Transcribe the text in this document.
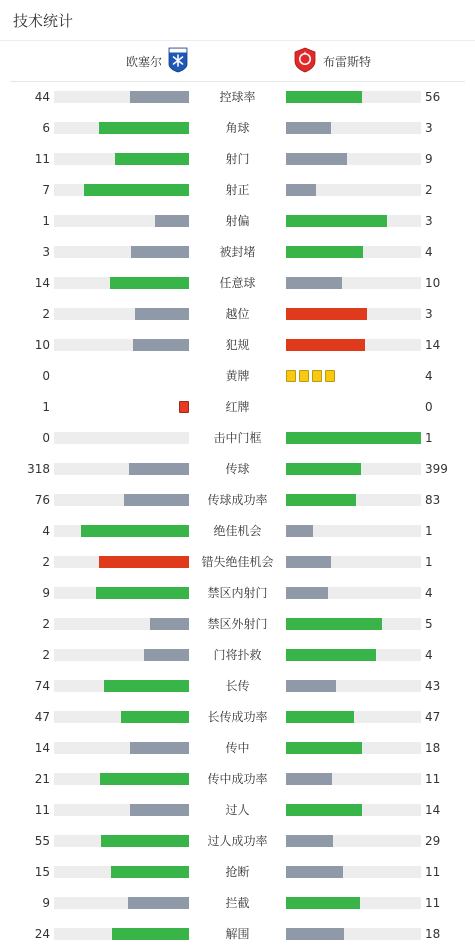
技术统计
欧塞尔	布雷斯特
44	控球率	56
6	角球	3
11	射门	9
7	射正	2
1	射偏	3
3	被封堵	4
14	任意球	10
2	越位	3
10	犯规	14
0	黄牌	4
1	红牌	0
0	击中门框	1
318	传球	399
76	传球成功率	83
4	绝佳机会	1
2	错失绝佳机会	1
9	禁区内射门	4
2	禁区外射门	5
2	门将扑救	4
74	长传	43
47	长传成功率	47
14	传中	18
21	传中成功率	11
11	过人	14
55	过人成功率	29
15	抢断	11
9	拦截	11
24	解围	18
